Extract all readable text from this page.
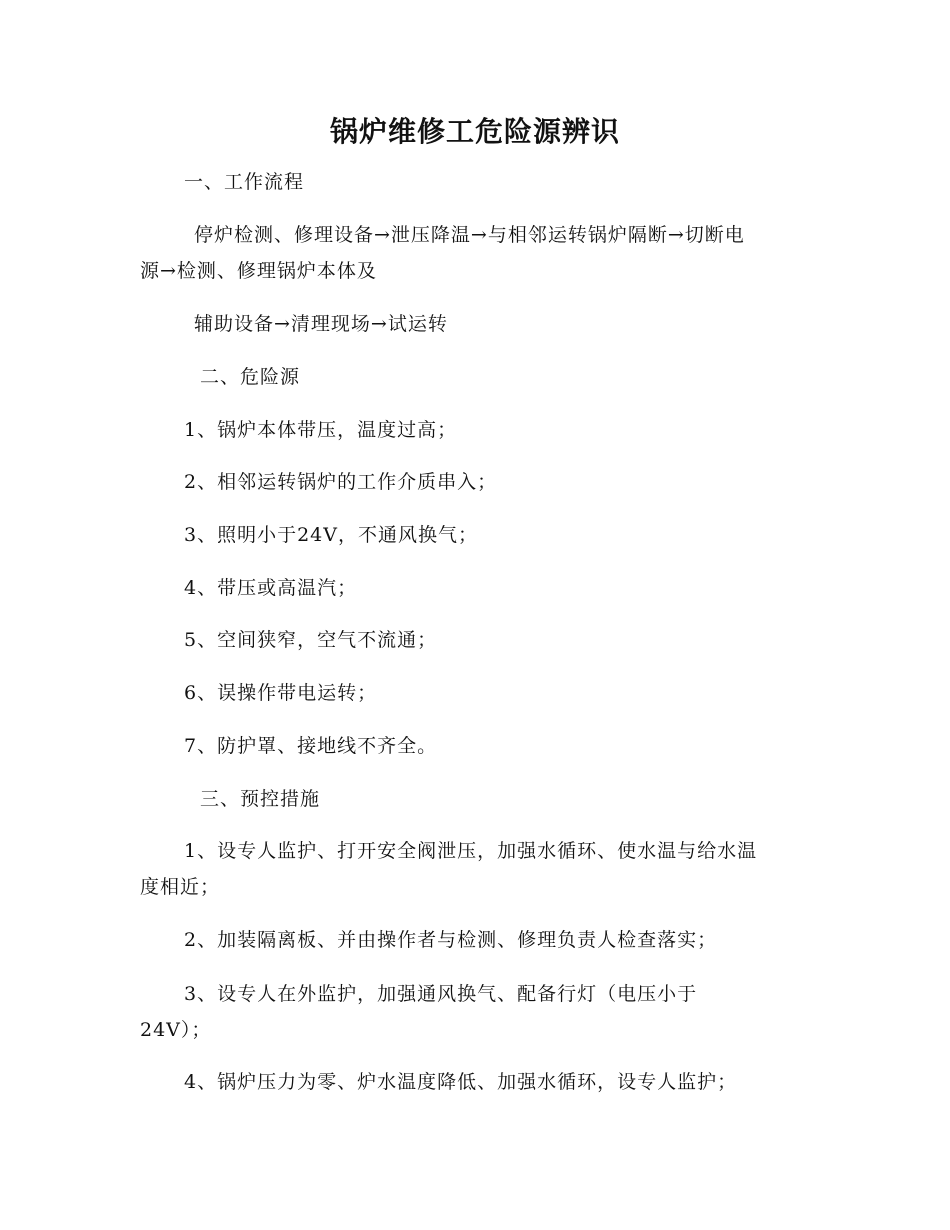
锅炉维修工危险源辨识
一、工作流程
停炉检测、修理设备→泄压降温→与相邻运转锅炉隔断→切断电
源→检测、修理锅炉本体及
辅助设备→清理现场→试运转
二、危险源
1、锅炉本体带压，温度过高；
2、相邻运转锅炉的工作介质串入；
3、照明小于24V，不通风换气；
4、带压或高温汽；
5、空间狭窄，空气不流通；
6、误操作带电运转；
7、防护罩、接地线不齐全。
三、预控措施
1、设专人监护、打开安全阀泄压，加强水循环、使水温与给水温
度相近；
2、加装隔离板、并由操作者与检测、修理负责人检查落实；
3、设专人在外监护，加强通风换气、配备行灯（电压小于
24V）；
4、锅炉压力为零、炉水温度降低、加强水循环，设专人监护；
